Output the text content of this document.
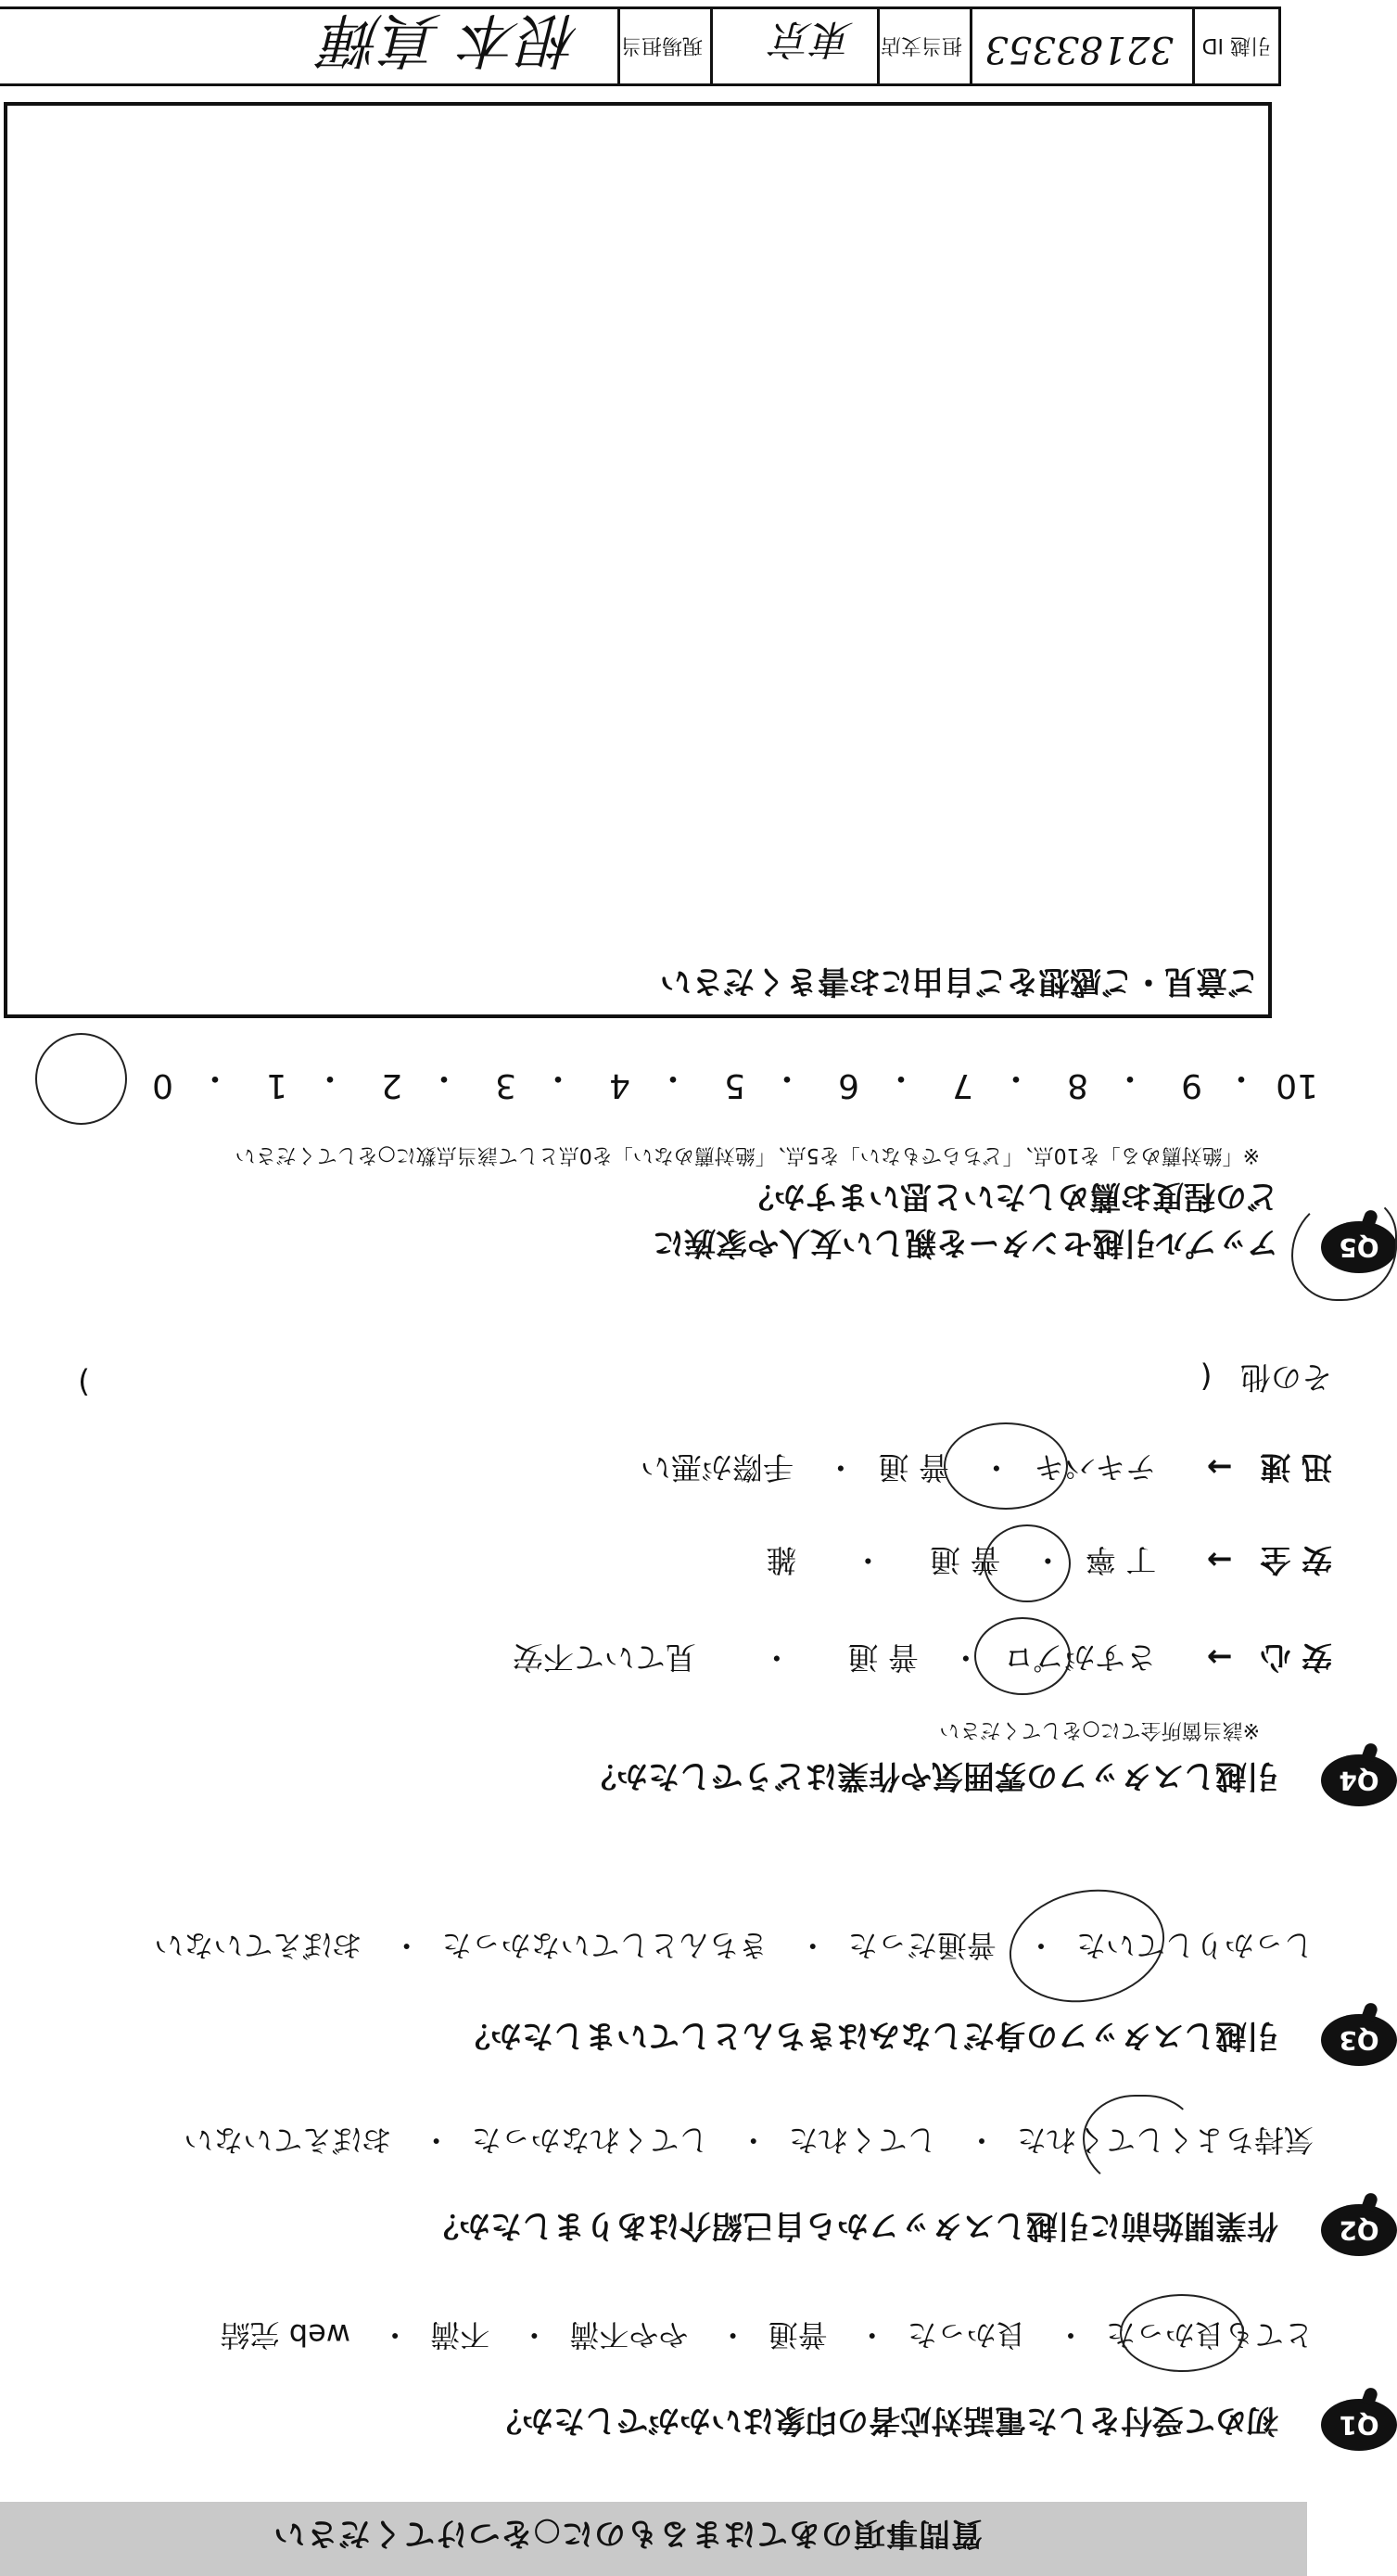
質問事項のあてはまるものに○をつけてください
Q1
初めて受付をした電話対応者の印象はいかがでしたか？
とても良かった・ 良かった・ 普通・ やや不満・ 不満・ web 完結
Q2
作業開始前に引越しスタッフから自己紹介はありましたか？
気持ちよくしてくれた・ してくれた・ してくれなかった・ おぼえていない
Q3
引越しスタッフの身だしなみはきちんとしていましたか？
しっかりしていた・ 普通だった・ きちんとしていなかった・ おぼえていない
Q4
引越しスタッフの雰囲気や作業はどうでしたか？
※該当箇所全てに○をしてください
安 心→ さすがプロ・ 普 通・ 見ていて不安
安 全→ 丁 寧・ 普 通・ 雑
迅 速→ テキパキ・ 普 通・ 手際が悪い
その他 (
)
Q5
アップル引越センターを親しい友人や家族に
どの程度お薦めしたいと思いますか？
※「絶対薦める」を10点、「どちらでもない」を5点、「絶対薦めない」を0点として該当点数に○をしてください
10
・
9
・
8
・
7
・
6
・
5
・
4
・
3
・
2
・
1
・
0
ご意見・ご感想をご自由にお書きください
引越 ID
32183353
担当支店
東京
現場担当
根本 真輝
